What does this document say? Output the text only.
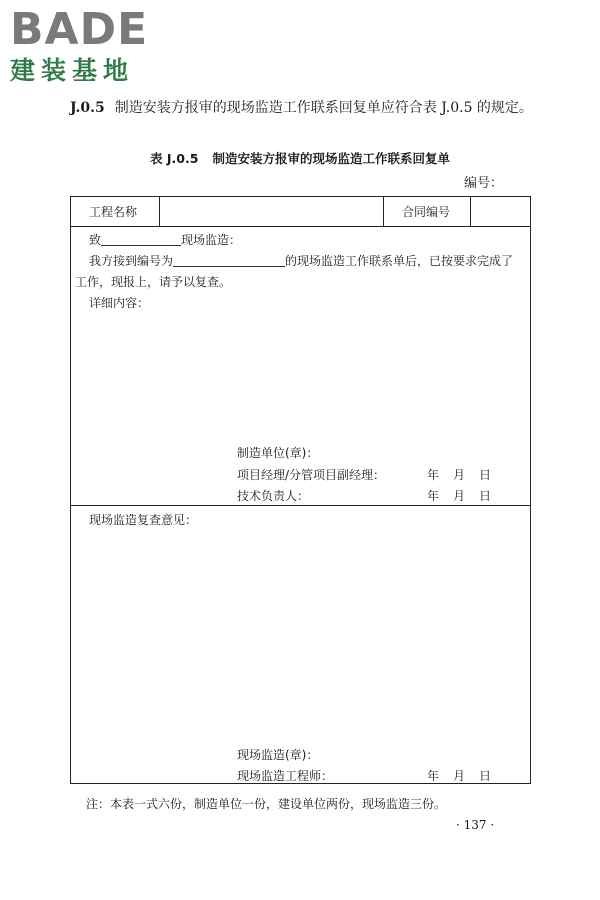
BADE
建装基地
J.0.5 制造安装方报审的现场监造工作联系回复单应符合表 J.0.5 的规定。
表 J.0.5 制造安装方报审的现场监造工作联系回复单
编号：
工程名称	合同编号
致	现场监造：
我方接到编号为	的现场监造工作联系单后，已按要求完成了
工作，现报上，请予以复查。
详细内容：
制造单位(章)：
项目经理/分管项目副经理：	年 月 日
技术负责人：	年 月 日
现场监造复查意见：
现场监造(章)：
现场监造工程师：	年 月 日
注：本表一式六份，制造单位一份，建设单位两份，现场监造三份。
· 137 ·
